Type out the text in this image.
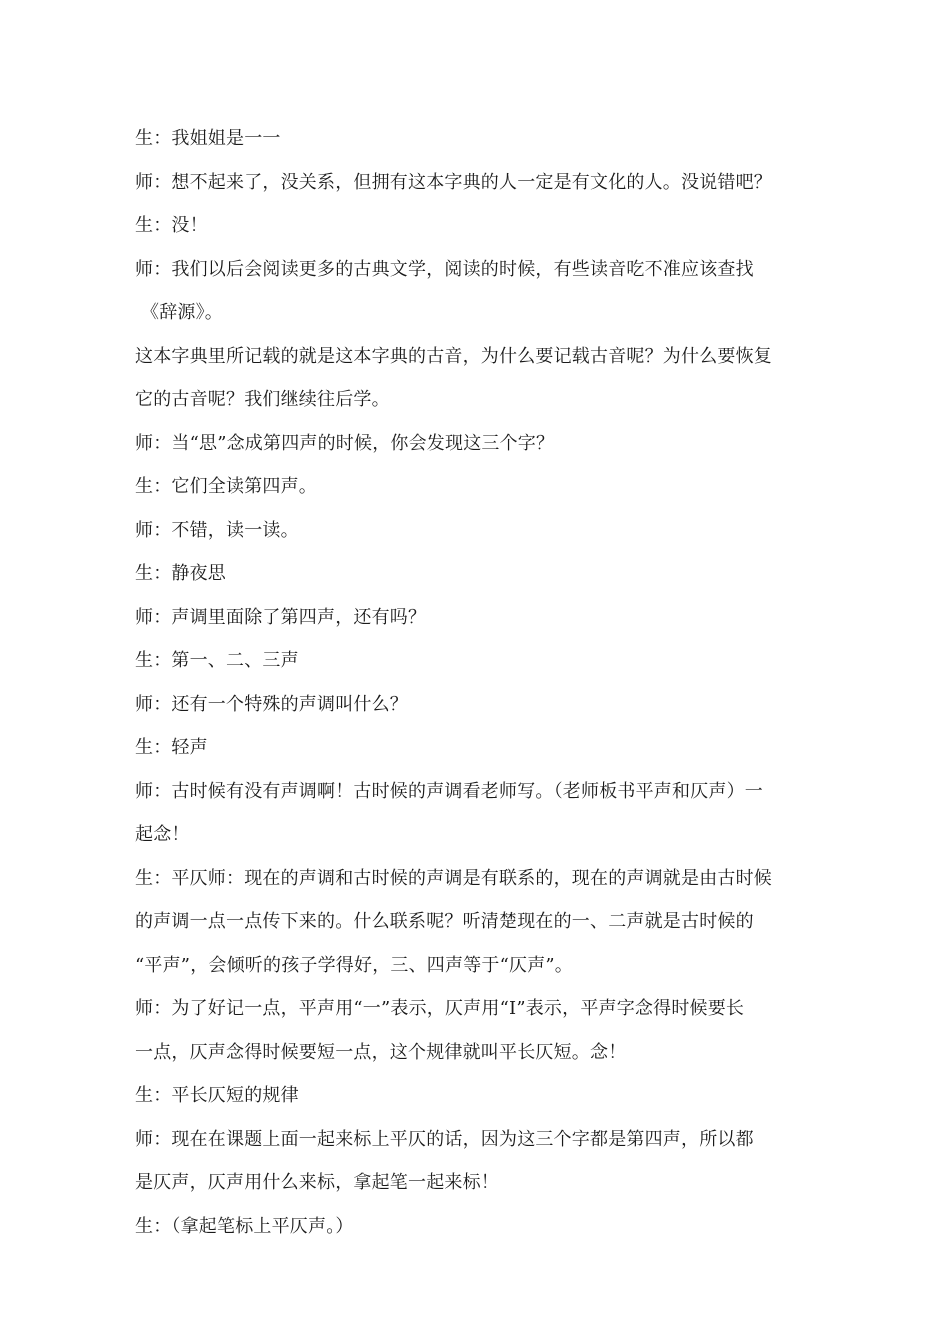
生：我姐姐是一一
师：想不起来了，没关系，但拥有这本字典的人一定是有文化的人。没说错吧？
生：没！
师：我们以后会阅读更多的古典文学，阅读的时候，有些读音吃不准应该查找
《辞源》。
这本字典里所记载的就是这本字典的古音，为什么要记载古音呢？为什么要恢复
它的古音呢？我们继续往后学。
师：当“思”念成第四声的时候，你会发现这三个字？
生：它们全读第四声。
师：不错，读一读。
生：静夜思
师：声调里面除了第四声，还有吗？
生：第一、二、三声
师：还有一个特殊的声调叫什么？
生：轻声
师：古时候有没有声调啊！古时候的声调看老师写。（老师板书平声和仄声）一
起念！
生：平仄师：现在的声调和古时候的声调是有联系的，现在的声调就是由古时候
的声调一点一点传下来的。什么联系呢？听清楚现在的一、二声就是古时候的
“平声”，会倾听的孩子学得好，三、四声等于“仄声”。
师：为了好记一点，平声用“一”表示，仄声用“I”表示，平声字念得时候要长
一点，仄声念得时候要短一点，这个规律就叫平长仄短。念！
生：平长仄短的规律
师：现在在课题上面一起来标上平仄的话，因为这三个字都是第四声，所以都
是仄声，仄声用什么来标，拿起笔一起来标！
生：（拿起笔标上平仄声。）
